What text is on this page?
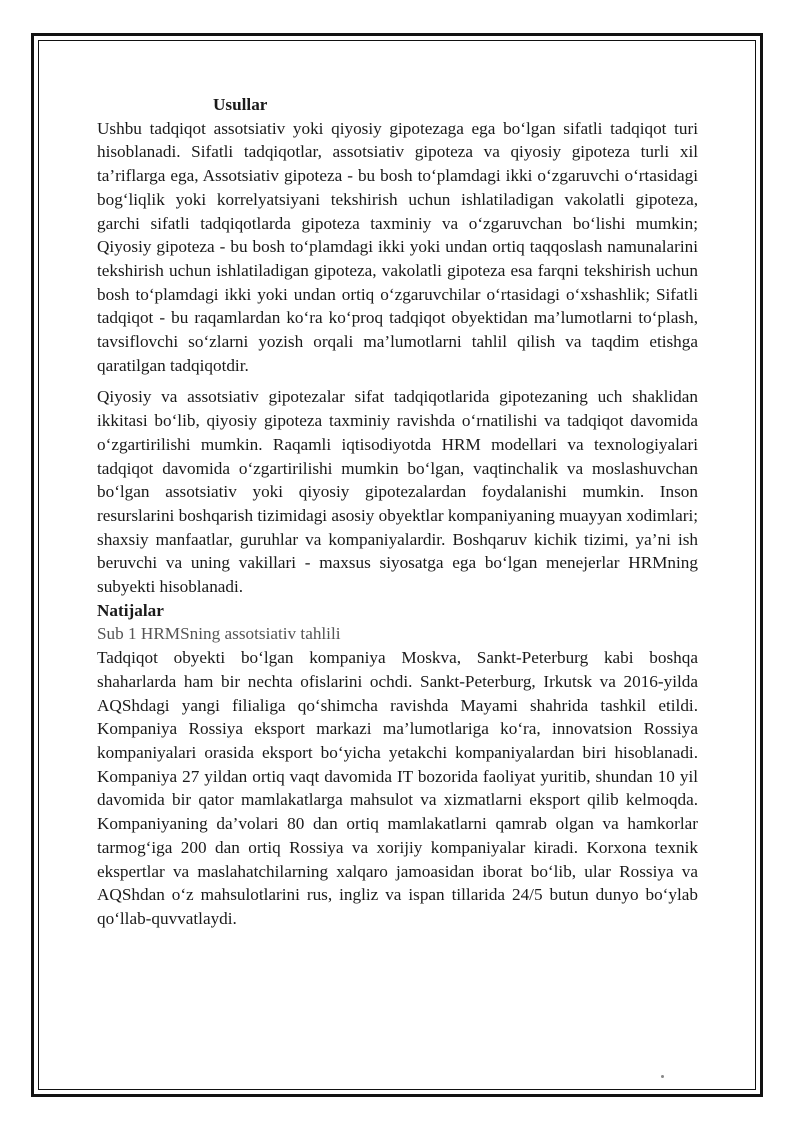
Usullar

Ushbu tadqiqot assotsiativ yoki qiyosiy gipotezaga ega bo‘lgan sifatli tadqiqot turi hisoblanadi. Sifatli tadqiqotlar, assotsiativ gipoteza va qiyosiy gipoteza turli xil ta’riflarga ega, Assotsiativ gipoteza - bu bosh to‘plamdagi ikki o‘zgaruvchi o‘rtasidagi bog‘liqlik yoki korrelyatsiyani tekshirish uchun ishlatiladigan vakolatli gipoteza, garchi sifatli tadqiqotlarda gipoteza taxminiy va o‘zgaruvchan bo‘lishi mumkin; Qiyosiy gipoteza - bu bosh to‘plamdagi ikki yoki undan ortiq taqqoslash namunalarini tekshirish uchun ishlatiladigan gipoteza, vakolatli gipoteza esa farqni tekshirish uchun bosh to‘plamdagi ikki yoki undan ortiq o‘zgaruvchilar o‘rtasidagi o‘xshashlik; Sifatli tadqiqot - bu raqamlardan ko‘ra ko‘proq tadqiqot obyektidan ma’lumotlarni to‘plash, tavsiflovchi so‘zlarni yozish orqali ma’lumotlarni tahlil qilish va taqdim etishga qaratilgan tadqiqotdir.

Qiyosiy va assotsiativ gipotezalar sifat tadqiqotlarida gipotezaning uch shaklidan ikkitasi bo‘lib, qiyosiy gipoteza taxminiy ravishda o‘rnatilishi va tadqiqot davomida o‘zgartirilishi mumkin. Raqamli iqtisodiyotda HRM modellari va texnologiyalari tadqiqot davomida o‘zgartirilishi mumkin bo‘lgan, vaqtinchalik va moslashuvchan bo‘lgan assotsiativ yoki qiyosiy gipotezalardan foydalanishi mumkin. Inson resurslarini boshqarish tizimidagi asosiy obyektlar kompaniyaning muayyan xodimlari; shaxsiy manfaatlar, guruhlar va kompaniyalardir. Boshqaruv kichik tizimi, ya’ni ish beruvchi va uning vakillari - maxsus siyosatga ega bo‘lgan menejerlar HRMning subyekti hisoblanadi.

Natijalar

Sub 1 HRMSning assotsiativ tahlili

Tadqiqot obyekti bo‘lgan kompaniya Moskva, Sankt-Peterburg kabi boshqa shaharlarda ham bir nechta ofislarini ochdi. Sankt-Peterburg, Irkutsk va 2016-yilda AQShdagi yangi filialiga qo‘shimcha ravishda Mayami shahrida tashkil etildi. Kompaniya Rossiya eksport markazi ma’lumotlariga ko‘ra, innovatsion Rossiya kompaniyalari orasida eksport bo‘yicha yetakchi kompaniyalardan biri hisoblanadi. Kompaniya 27 yildan ortiq vaqt davomida IT bozorida faoliyat yuritib, shundan 10 yil davomida bir qator mamlakatlarga mahsulot va xizmatlarni eksport qilib kelmoqda. Kompaniyaning da’volari 80 dan ortiq mamlakatlarni qamrab olgan va hamkorlar tarmog‘iga 200 dan ortiq Rossiya va xorijiy kompaniyalar kiradi. Korxona texnik ekspertlar va maslahatchilarning xalqaro jamoasidan iborat bo‘lib, ular Rossiya va AQShdan o‘z mahsulotlarini rus, ingliz va ispan tillarida 24/5 butun dunyo bo‘ylab qo‘llab-quvvatlaydi.
